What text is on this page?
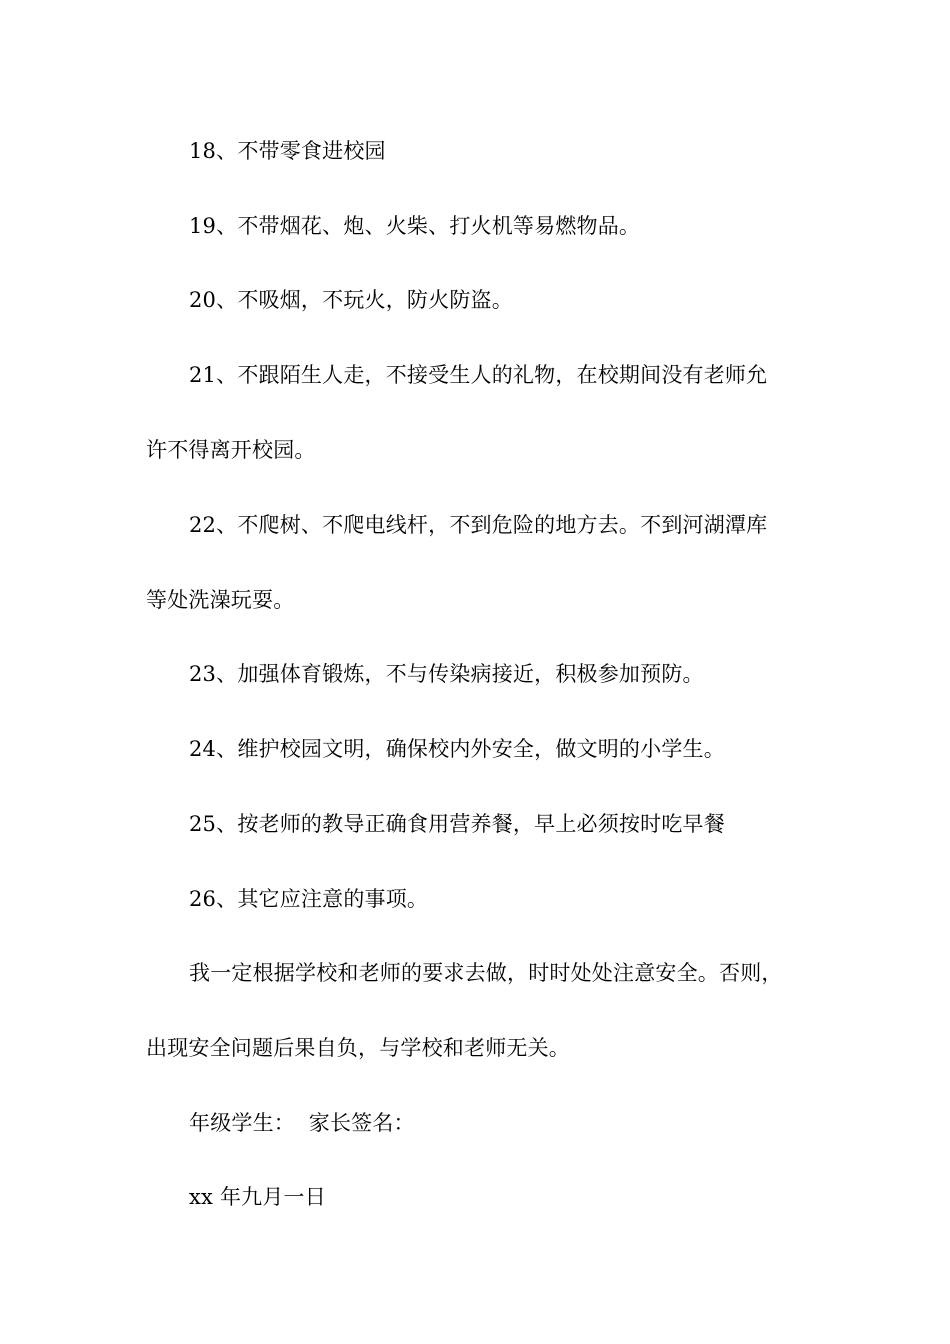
18、不带零食进校园
19、不带烟花、炮、火柴、打火机等易燃物品。
20、不吸烟，不玩火，防火防盗。
21、不跟陌生人走，不接受生人的礼物，在校期间没有老师允
许不得离开校园。
22、不爬树、不爬电线杆，不到危险的地方去。不到河湖潭库
等处洗澡玩耍。
23、加强体育锻炼，不与传染病接近，积极参加预防。
24、维护校园文明，确保校内外安全，做文明的小学生。
25、按老师的教导正确食用营养餐，早上必须按时吃早餐
26、其它应注意的事项。
我一定根据学校和老师的要求去做，时时处处注意安全。否则，
出现安全问题后果自负，与学校和老师无关。
年级学生：  家长签名：
xx 年九月一日
